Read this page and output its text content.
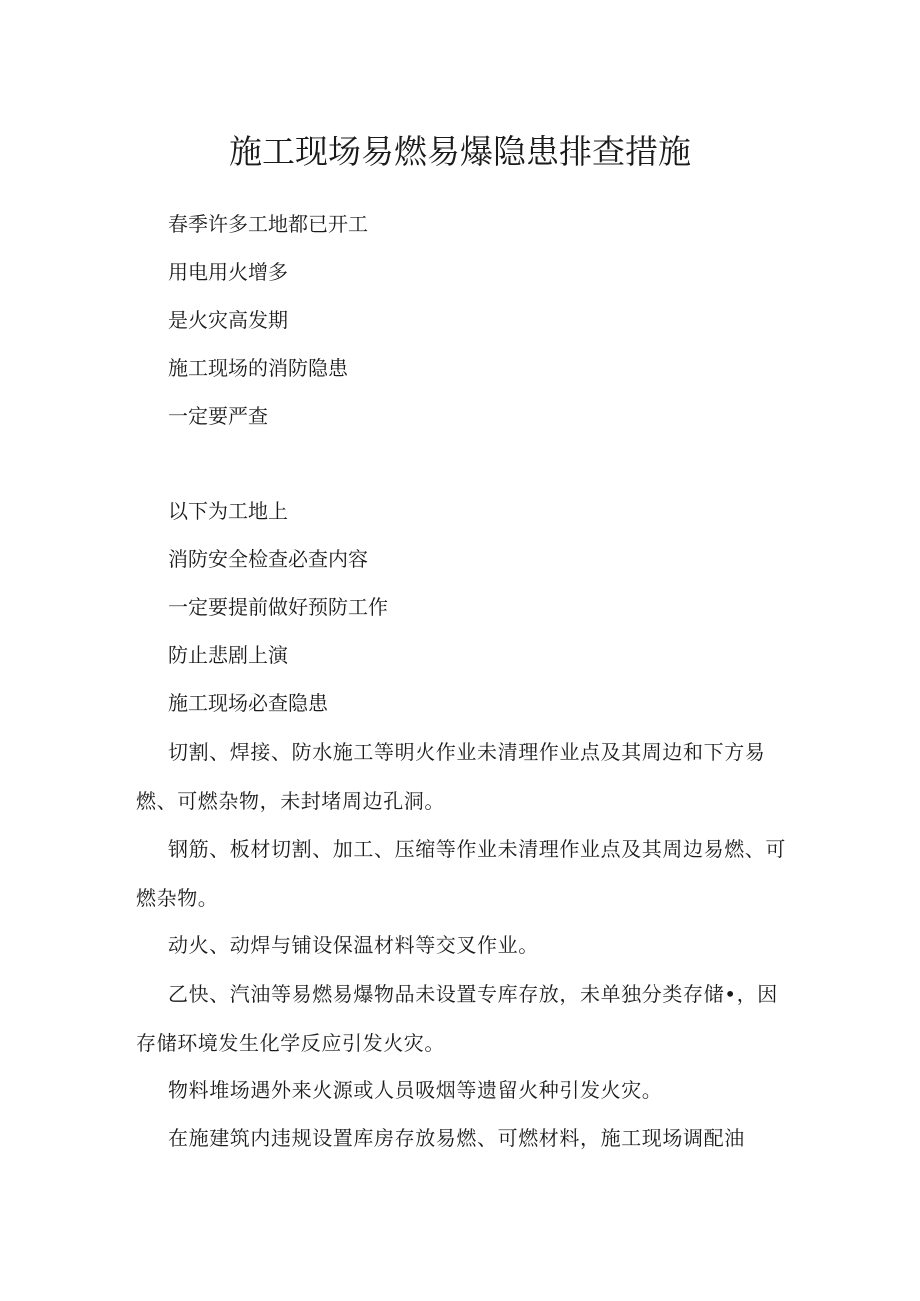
施工现场易燃易爆隐患排查措施

春季许多工地都已开工

用电用火增多

是火灾高发期

施工现场的消防隐患

一定要严查

以下为工地上

消防安全检查必查内容

一定要提前做好预防工作

防止悲剧上演

施工现场必查隐患

切割、焊接、防水施工等明火作业未清理作业点及其周边和下方易燃、可燃杂物，未封堵周边孔洞。

钢筋、板材切割、加工、压缩等作业未清理作业点及其周边易燃、可燃杂物。

动火、动焊与铺设保温材料等交叉作业。

乙快、汽油等易燃易爆物品未设置专库存放，未单独分类存储•，因存储环境发生化学反应引发火灾。

物料堆场遇外来火源或人员吸烟等遗留火种引发火灾。

在施建筑内违规设置库房存放易燃、可燃材料，施工现场调配油
